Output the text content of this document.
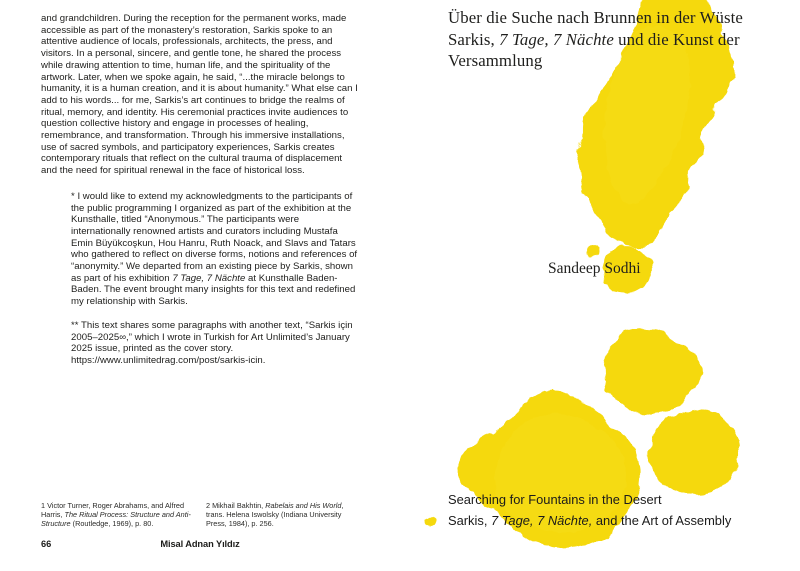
and grandchildren. During the reception for the permanent works, made accessible as part of the monastery’s restoration, Sarkis spoke to an attentive audience of locals, professionals, architects, the press, and visitors. In a personal, sincere, and gentle tone, he shared the process while drawing attention to time, human life, and the spirituality of the artwork. Later, when we spoke again, he said, “...the miracle belongs to humanity, it is a human creation, and it is about humanity.” What else can I add to his words... for me, Sarkis’s art continues to bridge the realms of ritual, memory, and identity. His ceremonial practices invite audiences to question collective history and engage in processes of healing, remembrance, and transformation. Through his immersive installations, use of sacred symbols, and participatory experiences, Sarkis creates contemporary rituals that reflect on the cultural trauma of displacement and the need for spiritual renewal in the face of historical loss.

* I would like to extend my acknowledgments to the participants of the public programming I organized as part of the exhibition at the Kunsthalle, titled “Anonymous.” The participants were internationally renowned artists and curators including Mustafa Emin Büyükcoşkun, Hou Hanru, Ruth Noack, and Slavs and Tatars who gathered to reflect on diverse forms, notions and references of “anonymity.” We departed from an existing piece by Sarkis, shown as part of his exhibition 7 Tage, 7 Nächte at Kunsthalle Baden-Baden. The event brought many insights for this text and redefined my relationship with Sarkis.

** This text shares some paragraphs with another text, “Sarkis için 2005–2025∞,” which I wrote in Turkish for Art Unlimited’s January 2025 issue, printed as the cover story. https://www.unlimitedrag.com/post/sarkis-icin.

1 Victor Turner, Roger Abrahams, and Alfred Harris, The Ritual Process: Structure and Anti-Structure (Routledge, 1969), p. 80.

2 Mikhail Bakhtin, Rabelais and His World, trans. Helena Iswolsky (Indiana University Press, 1984), p. 256.

66	Misal Adnan Yıldız
Über die Suche nach Brunnen in der Wüste
Sarkis, 7 Tage, 7 Nächte und die Kunst der
Versammlung
Sandeep Sodhi
Searching for Fountains in the Desert
Sarkis, 7 Tage, 7 Nächte, and the Art of Assembly
